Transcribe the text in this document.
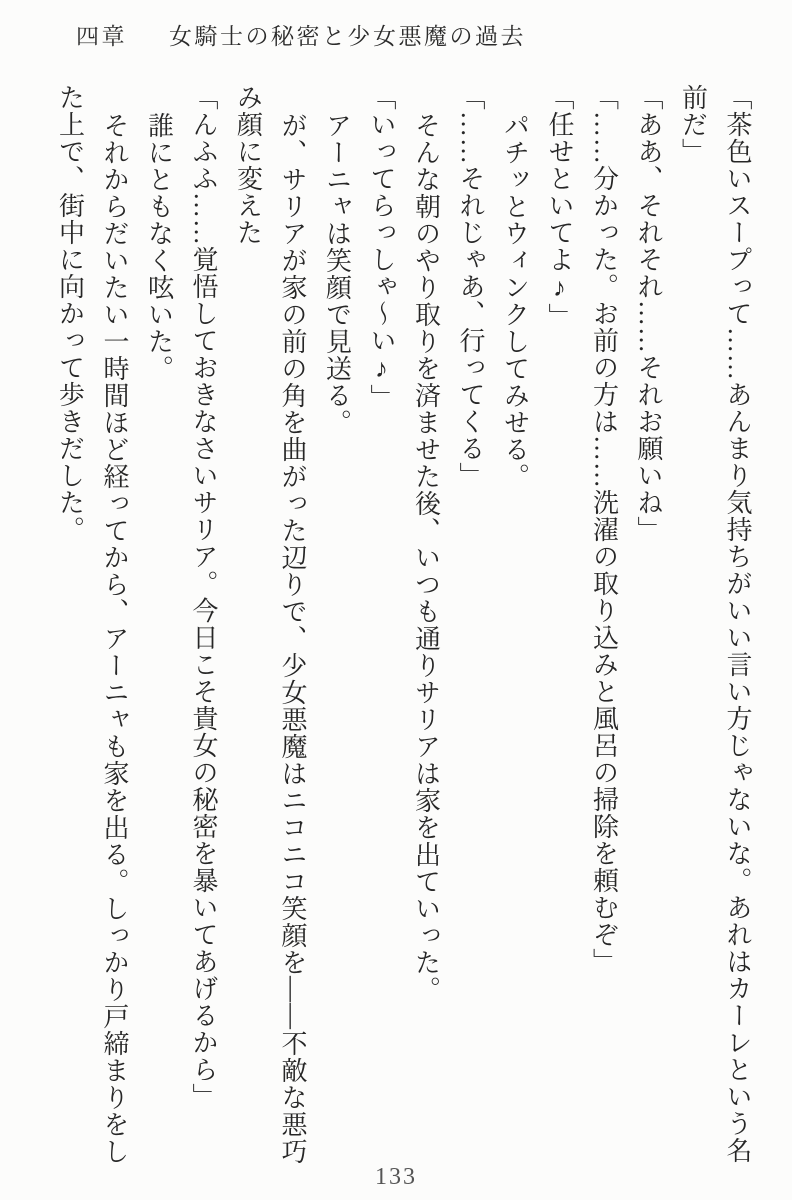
四章 女騎士の秘密と少女悪魔の過去
「茶色いスープって……あんまり気持ちがいい言い方じゃないな。あれはカーレという名
前だ」
「ああ、それそれ……それお願いね」
「……分かった。お前の方は……洗濯の取り込みと風呂の掃除を頼むぞ」
「任せといてよ♪」
パチッとウィンクしてみせる。
「……それじゃあ、行ってくる」
そんな朝のやり取りを済ませた後、いつも通りサリアは家を出ていった。
「いってらっしゃ〜い♪」
アーニャは笑顔で見送る。
が、サリアが家の前の角を曲がった辺りで、少女悪魔はニコニコ笑顔を――不敵な悪巧
み顔に変えた
「んふふ……覚悟しておきなさいサリア。今日こそ貴女の秘密を暴いてあげるから」
誰にともなく呟いた。
それからだいたい一時間ほど経ってから、アーニャも家を出る。しっかり戸締まりをし
た上で、街中に向かって歩きだした。
133
